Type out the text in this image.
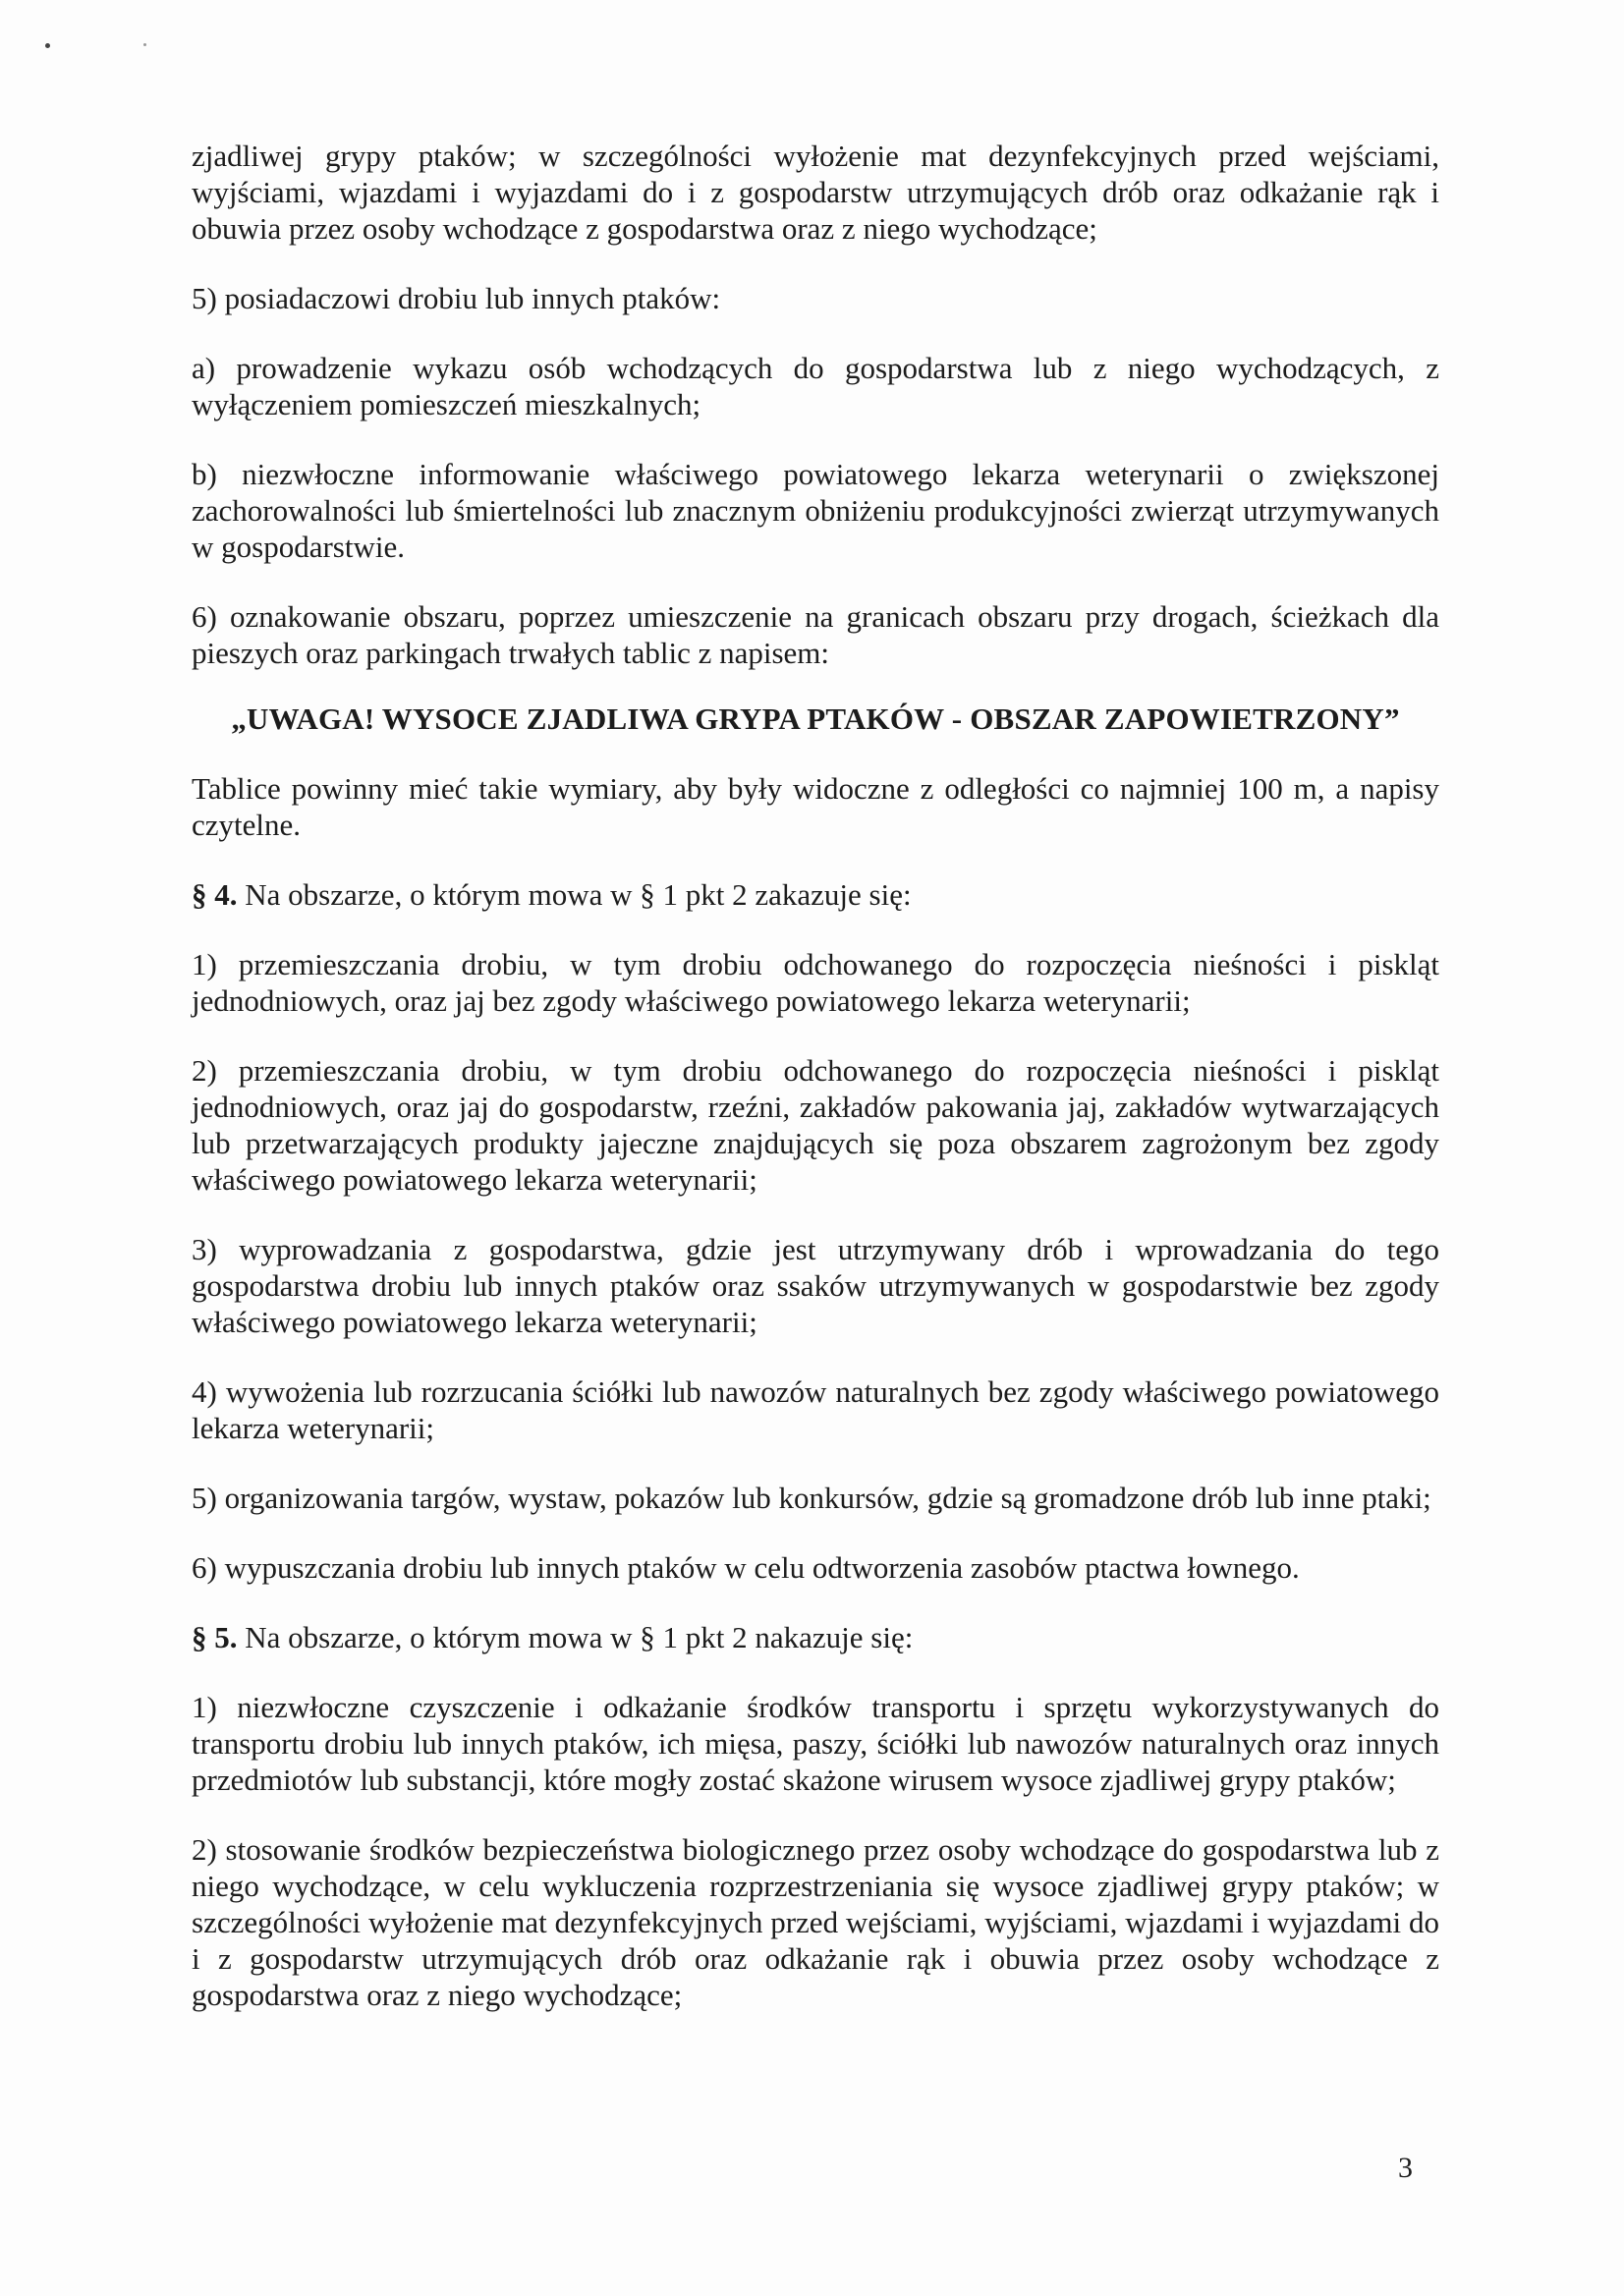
zjadliwej grypy ptaków; w szczególności wyłożenie mat dezynfekcyjnych przed wejściami, wyjściami, wjazdami i wyjazdami do i z gospodarstw utrzymujących drób oraz odkażanie rąk i obuwia przez osoby wchodzące z gospodarstwa oraz z niego wychodzące;

5) posiadaczowi drobiu lub innych ptaków:

a) prowadzenie wykazu osób wchodzących do gospodarstwa lub z niego wychodzących, z wyłączeniem pomieszczeń mieszkalnych;

b) niezwłoczne informowanie właściwego powiatowego lekarza weterynarii o zwiększonej zachorowalności lub śmiertelności lub znacznym obniżeniu produkcyjności zwierząt utrzymywanych w gospodarstwie.

6) oznakowanie obszaru, poprzez umieszczenie na granicach obszaru przy drogach, ścieżkach dla pieszych oraz parkingach trwałych tablic z napisem:

„UWAGA! WYSOCE ZJADLIWA GRYPA PTAKÓW - OBSZAR ZAPOWIETRZONY”

Tablice powinny mieć takie wymiary, aby były widoczne z odległości co najmniej 100 m, a napisy czytelne.

§ 4. Na obszarze, o którym mowa w § 1 pkt 2 zakazuje się:

1) przemieszczania drobiu, w tym drobiu odchowanego do rozpoczęcia nieśności i piskląt jednodniowych, oraz jaj bez zgody właściwego powiatowego lekarza weterynarii;

2) przemieszczania drobiu, w tym drobiu odchowanego do rozpoczęcia nieśności i piskląt jednodniowych, oraz jaj do gospodarstw, rzeźni, zakładów pakowania jaj, zakładów wytwarzających lub przetwarzających produkty jajeczne znajdujących się poza obszarem zagrożonym bez zgody właściwego powiatowego lekarza weterynarii;

3) wyprowadzania z gospodarstwa, gdzie jest utrzymywany drób i wprowadzania do tego gospodarstwa drobiu lub innych ptaków oraz ssaków utrzymywanych w gospodarstwie bez zgody właściwego powiatowego lekarza weterynarii;

4) wywożenia lub rozrzucania ściółki lub nawozów naturalnych bez zgody właściwego powiatowego lekarza weterynarii;

5) organizowania targów, wystaw, pokazów lub konkursów, gdzie są gromadzone drób lub inne ptaki;

6) wypuszczania drobiu lub innych ptaków w celu odtworzenia zasobów ptactwa łownego.

§ 5. Na obszarze, o którym mowa w § 1 pkt 2 nakazuje się:

1) niezwłoczne czyszczenie i odkażanie środków transportu i sprzętu wykorzystywanych do transportu drobiu lub innych ptaków, ich mięsa, paszy, ściółki lub nawozów naturalnych oraz innych przedmiotów lub substancji, które mogły zostać skażone wirusem wysoce zjadliwej grypy ptaków;

2) stosowanie środków bezpieczeństwa biologicznego przez osoby wchodzące do gospodarstwa lub z niego wychodzące, w celu wykluczenia rozprzestrzeniania się wysoce zjadliwej grypy ptaków; w szczególności wyłożenie mat dezynfekcyjnych przed wejściami, wyjściami, wjazdami i wyjazdami do i z gospodarstw utrzymujących drób oraz odkażanie rąk i obuwia przez osoby wchodzące z gospodarstwa oraz z niego wychodzące;

3
